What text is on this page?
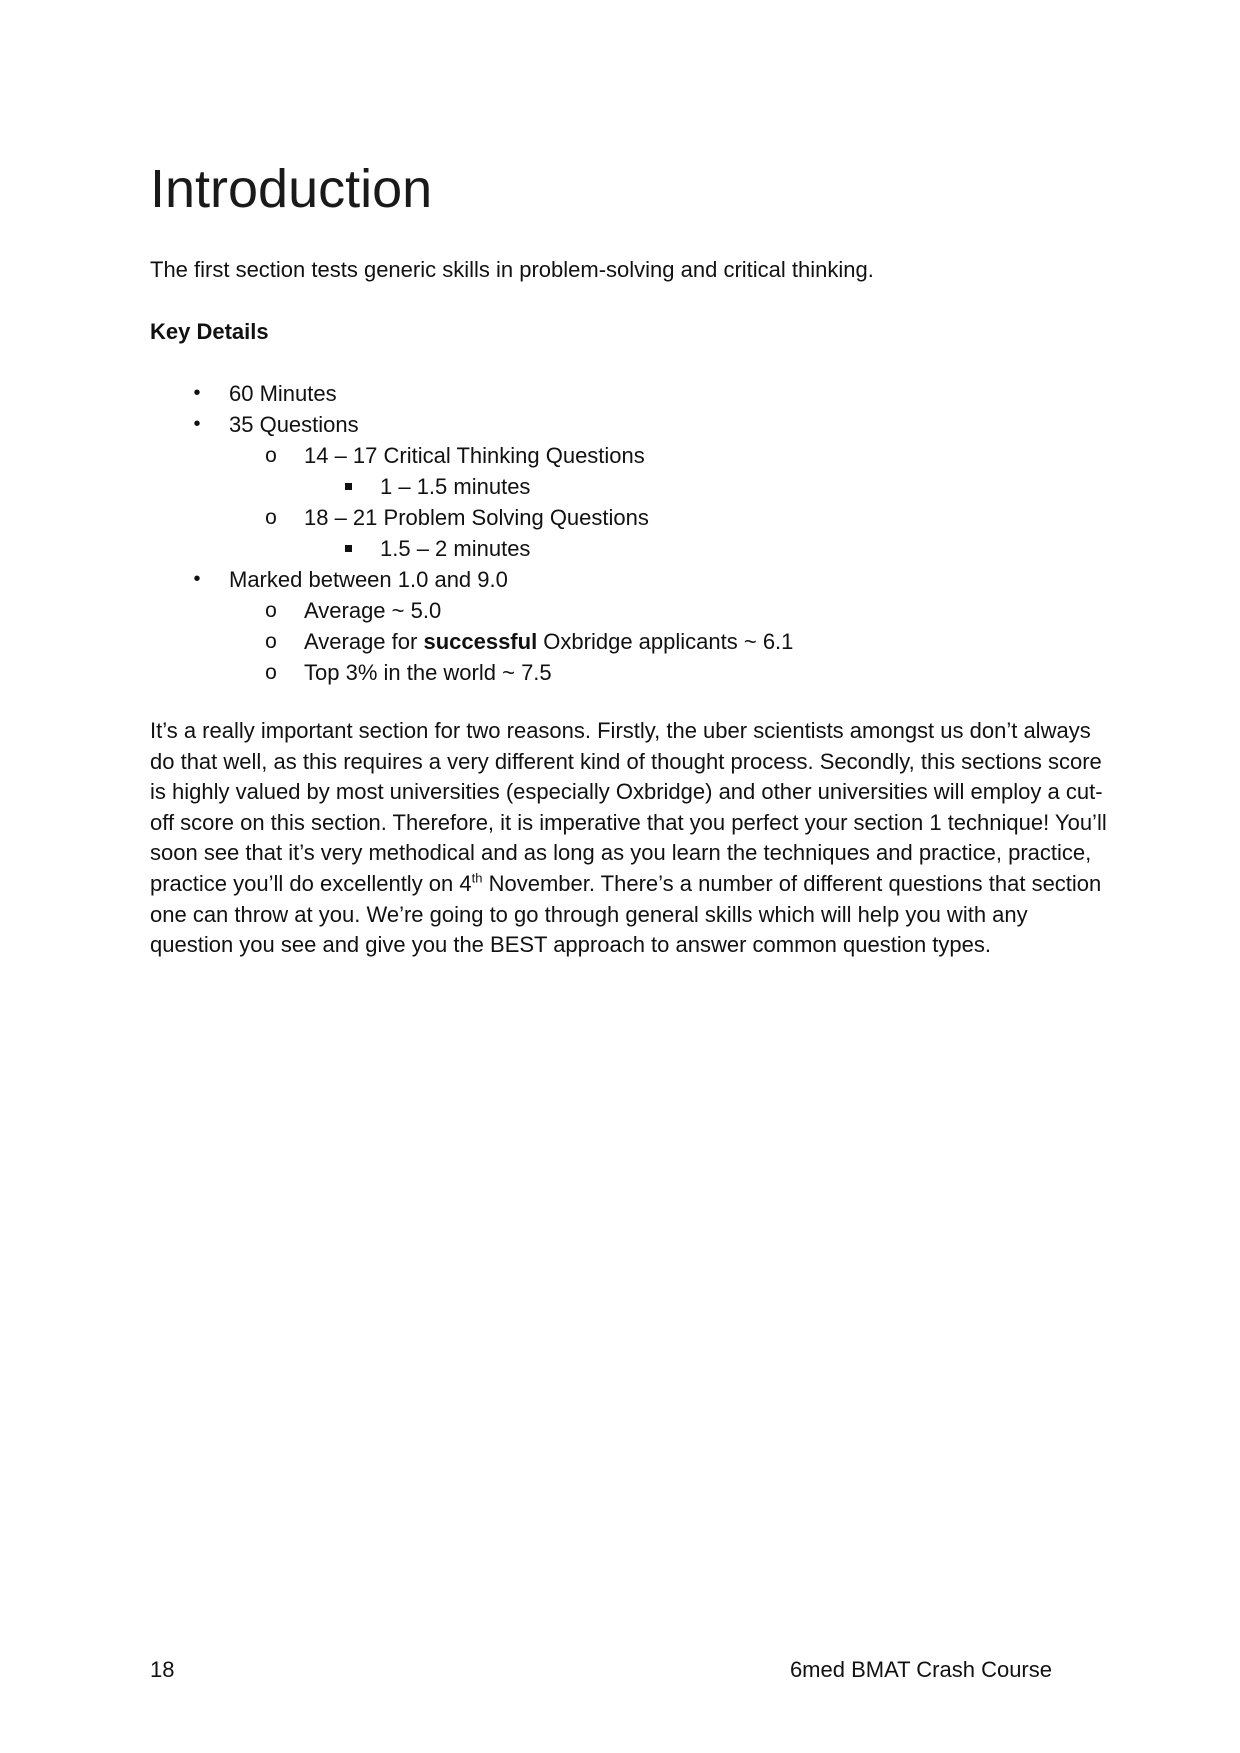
Introduction

The first section tests generic skills in problem-solving and critical thinking.

Key Details

• 60 Minutes
• 35 Questions
o 14 – 17 Critical Thinking Questions
1 – 1.5 minutes
o 18 – 21 Problem Solving Questions
1.5 – 2 minutes
• Marked between 1.0 and 9.0
o Average ~ 5.0
o Average for successful Oxbridge applicants ~ 6.1
o Top 3% in the world ~ 7.5

It’s a really important section for two reasons. Firstly, the uber scientists amongst us don’t always do that well, as this requires a very different kind of thought process. Secondly, this sections score is highly valued by most universities (especially Oxbridge) and other universities will employ a cut-off score on this section. Therefore, it is imperative that you perfect your section 1 technique! You’ll soon see that it’s very methodical and as long as you learn the techniques and practice, practice, practice you’ll do excellently on 4th November. There’s a number of different questions that section one can throw at you. We’re going to go through general skills which will help you with any question you see and give you the BEST approach to answer common question types.

18	6med BMAT Crash Course
